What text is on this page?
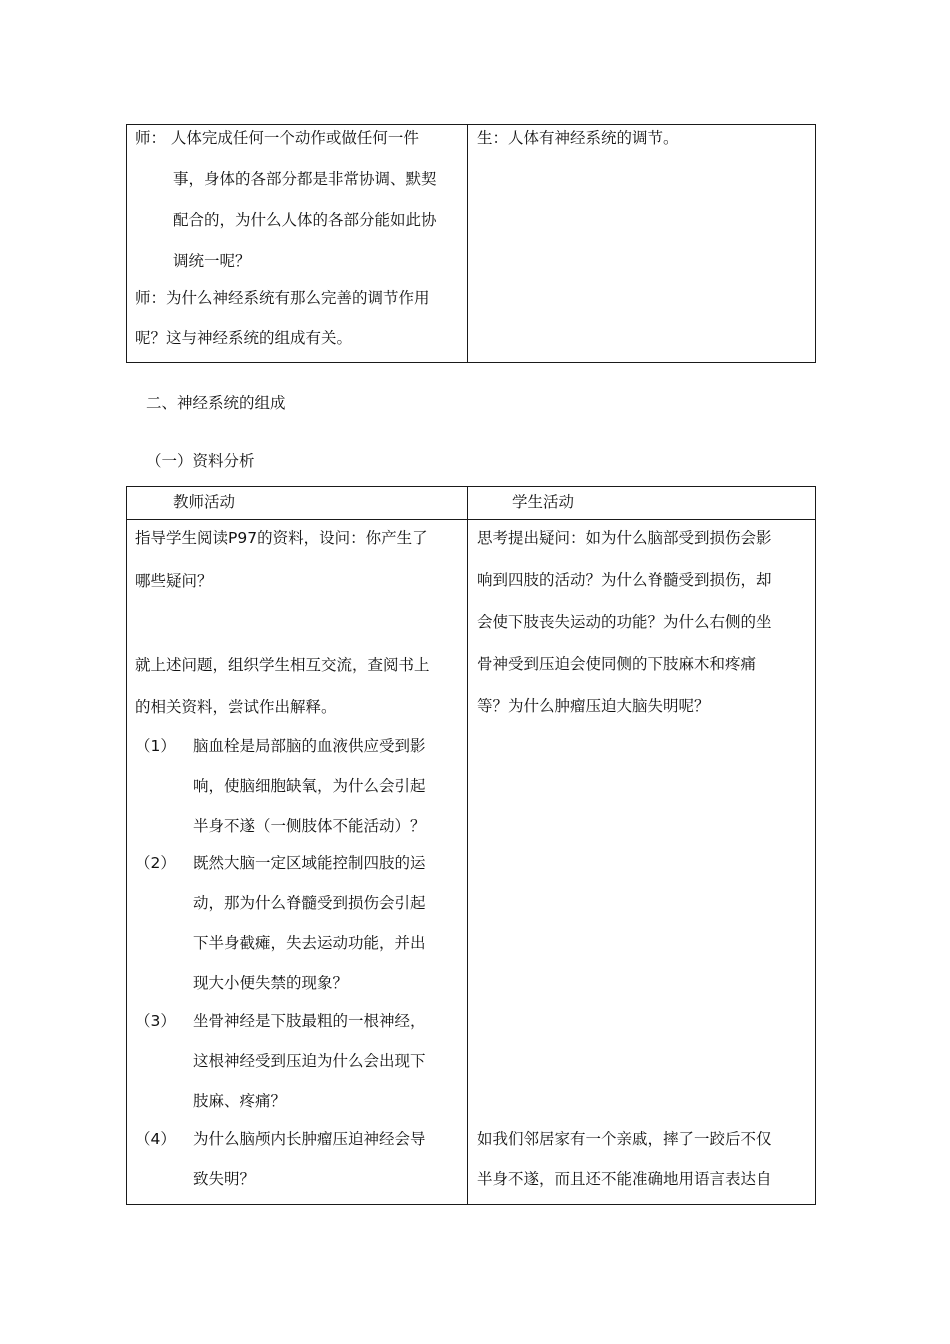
师： 人体完成任何一个动作或做任何一件
事，身体的各部分都是非常协调、默契
配合的，为什么人体的各部分能如此协
调统一呢？
师：为什么神经系统有那么完善的调节作用
呢？这与神经系统的组成有关。
生：人体有神经系统的调节。
二、神经系统的组成
（一）资料分析
教师活动	学生活动
指导学生阅读P97的资料，设问：你产生了
哪些疑问？
就上述问题，组织学生相互交流，查阅书上
的相关资料，尝试作出解释。
（1） 脑血栓是局部脑的血液供应受到影
响，使脑细胞缺氧，为什么会引起
半身不遂（一侧肢体不能活动）？
（2） 既然大脑一定区域能控制四肢的运
动，那为什么脊髓受到损伤会引起
下半身截瘫，失去运动功能，并出
现大小便失禁的现象？
（3） 坐骨神经是下肢最粗的一根神经，
这根神经受到压迫为什么会出现下
肢麻、疼痛？
（4） 为什么脑颅内长肿瘤压迫神经会导
致失明？
思考提出疑问：如为什么脑部受到损伤会影
响到四肢的活动？为什么脊髓受到损伤，却
会使下肢丧失运动的功能？为什么右侧的坐
骨神受到压迫会使同侧的下肢麻木和疼痛
等？为什么肿瘤压迫大脑失明呢？
如我们邻居家有一个亲戚，摔了一跤后不仅
半身不遂，而且还不能准确地用语言表达自
